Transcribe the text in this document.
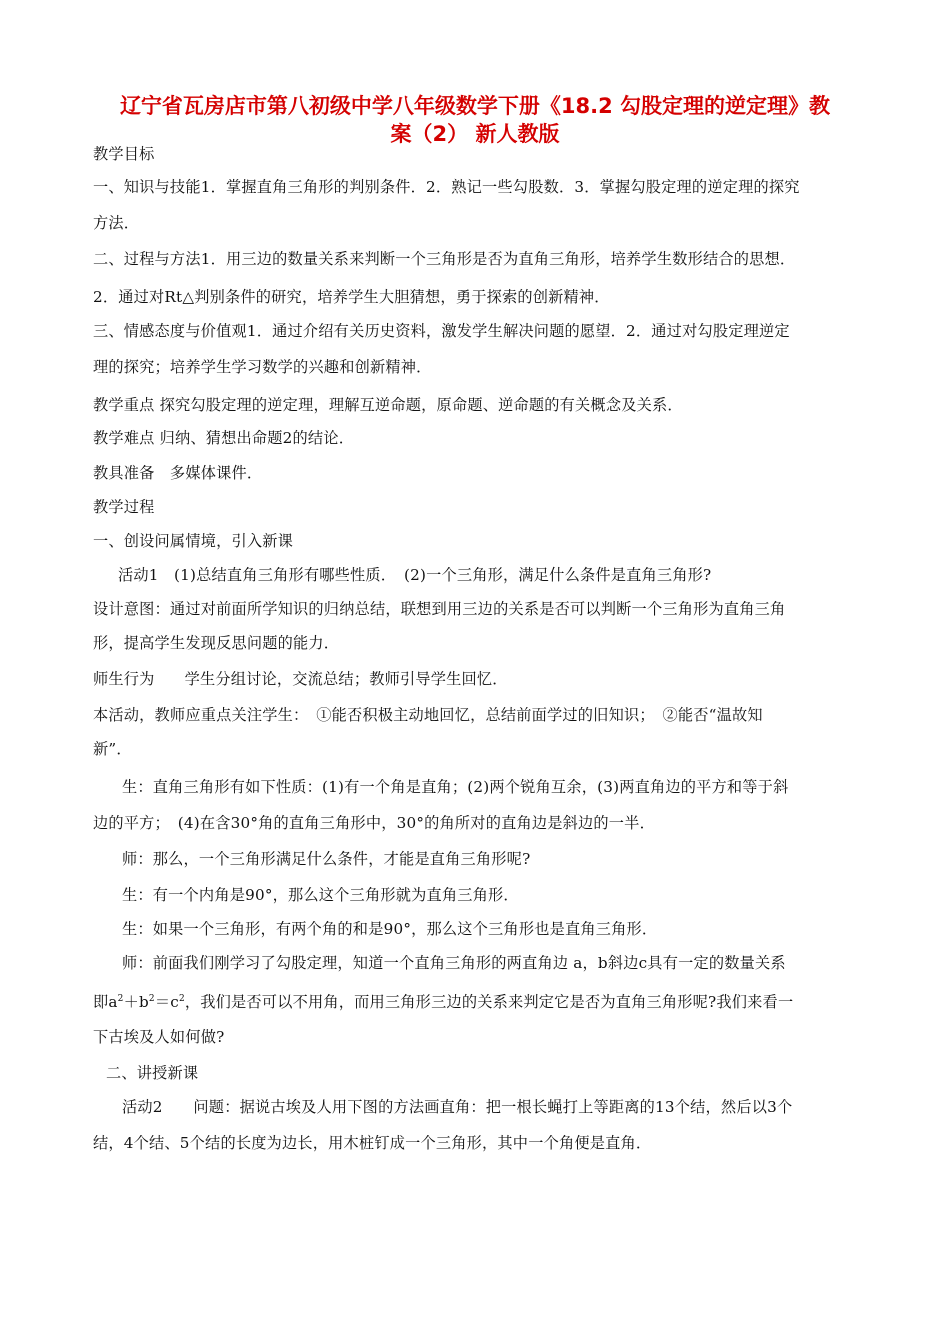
辽宁省瓦房店市第八初级中学八年级数学下册《18.2 勾股定理的逆定理》教
案（2） 新人教版
教学目标
一、知识与技能1．掌握直角三角形的判别条件．2．熟记一些勾股数．3．掌握勾股定理的逆定理的探究
方法．
二、过程与方法1．用三边的数量关系来判断一个三角形是否为直角三角形，培养学生数形结合的思想．
2．通过对Rt△判别条件的研究，培养学生大胆猜想，勇于探索的创新精神．
三、情感态度与价值观1．通过介绍有关历史资料，激发学生解决问题的愿望．2．通过对勾股定理逆定
理的探究；培养学生学习数学的兴趣和创新精神．
教学重点 探究勾股定理的逆定理，理解互逆命题，原命题、逆命题的有关概念及关系．
教学难点 归纳、猜想出命题2的结论．
教具准备　多媒体课件．
教学过程
一、创设问属情境，引入新课
活动1　(1)总结直角三角形有哪些性质．　(2)一个三角形，满足什么条件是直角三角形?
设计意图：通过对前面所学知识的归纳总结，联想到用三边的关系是否可以判断一个三角形为直角三角
形，提高学生发现反思问题的能力．
师生行为 学生分组讨论，交流总结；教师引导学生回忆．
本活动，教师应重点关注学生：　①能否积极主动地回忆，总结前面学过的旧知识；　②能否“温故知
新”．
生：直角三角形有如下性质：(1)有一个角是直角；(2)两个锐角互余，(3)两直角边的平方和等于斜
边的平方；　(4)在含30°角的直角三角形中，30°的角所对的直角边是斜边的一半．
师：那么，一个三角形满足什么条件，才能是直角三角形呢?
生：有一个内角是90°，那么这个三角形就为直角三角形．
生：如果一个三角形，有两个角的和是90°，那么这个三角形也是直角三角形．
师：前面我们刚学习了勾股定理，知道一个直角三角形的两直角边 a，b斜边c具有一定的数量关系
即$a^2+b^2=c^2$，我们是否可以不用角，而用三角形三边的关系来判定它是否为直角三角形呢?我们来看一
下古埃及人如何做?
二、讲授新课
活动2　　问题：据说古埃及人用下图的方法画直角：把一根长蝇打上等距离的13个结，然后以3个
结，4个结、5个结的长度为边长，用木桩钉成一个三角形，其中一个角便是直角．
